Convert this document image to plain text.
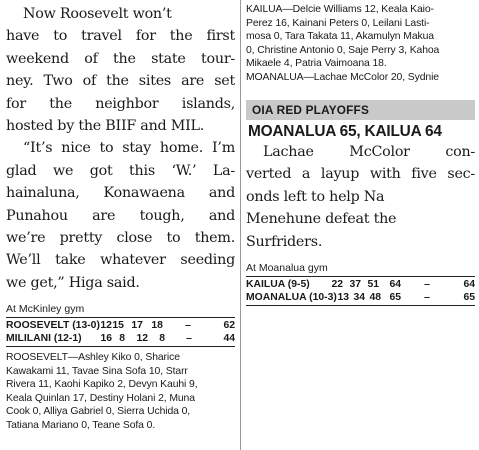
Now Roosevelt won’t
have to travel for the first
weekend of the state tour-
ney. Two of the sites are set
for the neighbor islands,
hosted by the BIIF and MIL.
“It’s nice to stay home. I’m
glad we got this ‘W.’ La-
hainaluna, Konawaena and
Punahou are tough, and
we’re pretty close to them.
We’ll take whatever seeding
we get,” Higa said.
At McKinley gym
ROOSEVELT (13-0) 12 15 17 18	–	62
MILILANI (12-1)	16 8	12	8	–	44
ROOSEVELT—Ashley Kiko 0, Sharice
Kawakami 11, Tavae Sina Sofa 10, Starr
Rivera 11, Kaohi Kapiko 2, Devyn Kauhi 9,
Keala Quinlan 17, Destiny Holani 2, Muna
Cook 0, Alliya Gabriel 0, Sierra Uchida 0,
Tatiana Mariano 0, Teane Sofa 0.
KAILUA—Delcie Williams 12, Keala Kaio-
Perez 16, Kainani Peters 0, Leilani Lasti-
mosa 0, Tara Takata 11, Akamulyn Makua
0, Christine Antonio 0, Saje Perry 3, Kahoa
Mikaele 4, Patria Vaimoana 18.
MOANALUA—Lachae McColor 20, Sydnie
OIA RED PLAYOFFS
MOANALUA 65, KAILUA 64
Lachae McColor con-
verted a layup with five sec-
onds left to help Na
Menehune defeat the
Surfriders.
At Moanalua gym
KAILUA (9-5)	22 37 51	64	–	64
MOANALUA (10-3) 13 34 48 65	–	65
